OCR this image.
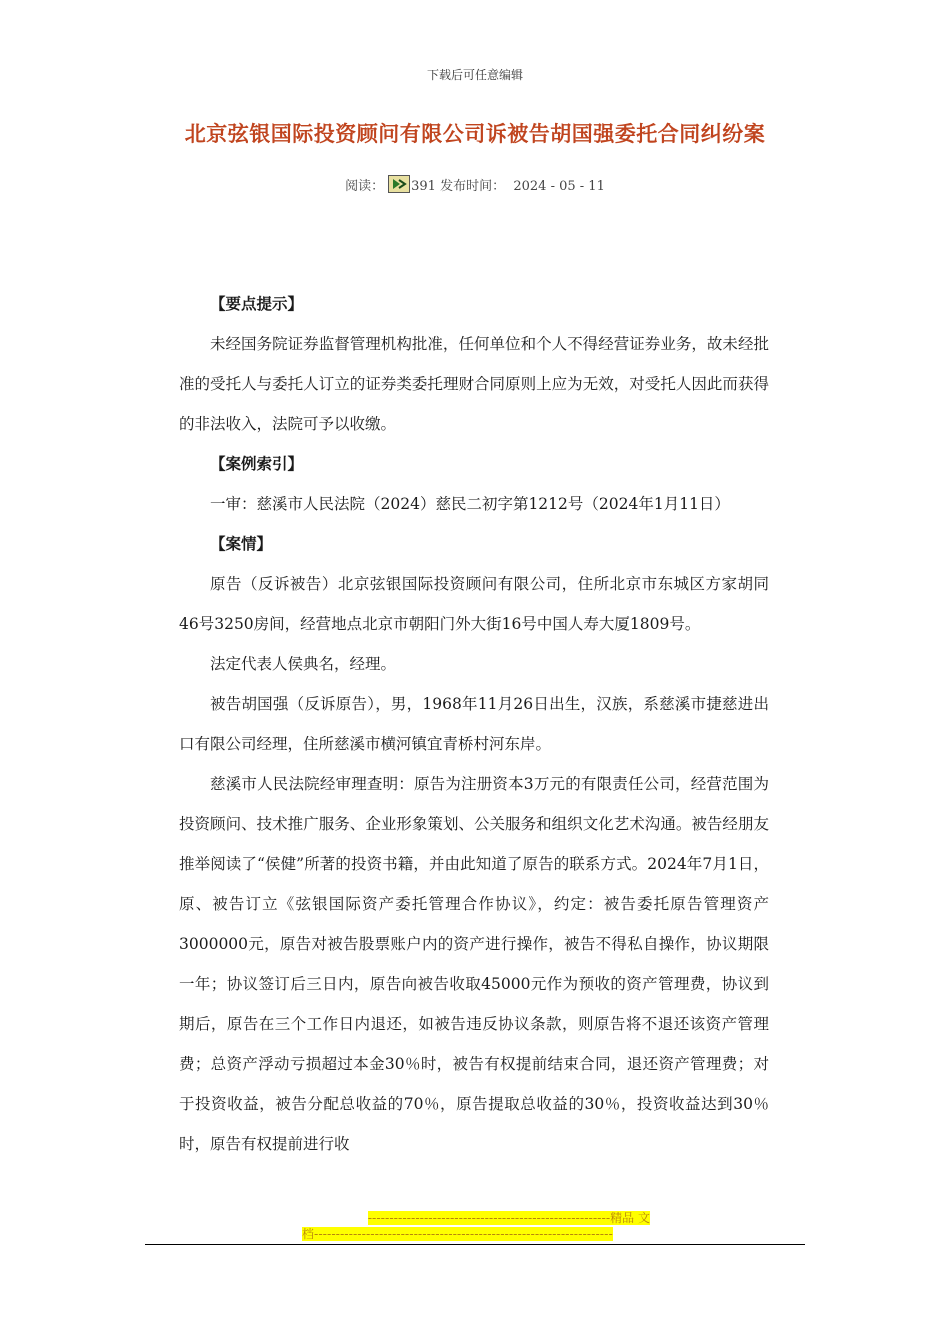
下载后可任意编辑
北京弦银国际投资顾问有限公司诉被告胡国强委托合同纠纷案
阅读： 391 发布时间：  2024 - 05 - 11

【要点提示】

未经国务院证券监督管理机构批准，任何单位和个人不得经营证券业务，故未经批准的受托人与委托人订立的证券类委托理财合同原则上应为无效，对受托人因此而获得的非法收入，法院可予以收缴。

【案例索引】

一审：慈溪市人民法院（2024）慈民二初字第1212号（2024年1月11日）

【案情】

原告（反诉被告）北京弦银国际投资顾问有限公司，住所北京市东城区方家胡同46号3250房间，经营地点北京市朝阳门外大街16号中国人寿大厦1809号。

法定代表人侯典名，经理。

被告胡国强（反诉原告），男，1968年11月26日出生，汉族，系慈溪市捷慈进出口有限公司经理，住所慈溪市横河镇宜青桥村河东岸。

慈溪市人民法院经审理查明：原告为注册资本3万元的有限责任公司，经营范围为投资顾问、技术推广服务、企业形象策划、公关服务和组织文化艺术沟通。被告经朋友推举阅读了“侯健”所著的投资书籍，并由此知道了原告的联系方式。2024年7月1日，原、被告订立《弦银国际资产委托管理合作协议》，约定：被告委托原告管理资产3000000元，原告对被告股票账户内的资产进行操作，被告不得私自操作，协议期限一年；协议签订后三日内，原告向被告收取45000元作为预收的资产管理费，协议到期后，原告在三个工作日内退还，如被告违反协议条款，则原告将不退还该资产管理费；总资产浮动亏损超过本金30％时，被告有权提前结束合同，退还资产管理费；对于投资收益，被告分配总收益的70％，原告提取总收益的30％，投资收益达到30％时，原告有权提前进行收

--------------------------------------------------------精品 文
档---------------------------------------------------------------------
